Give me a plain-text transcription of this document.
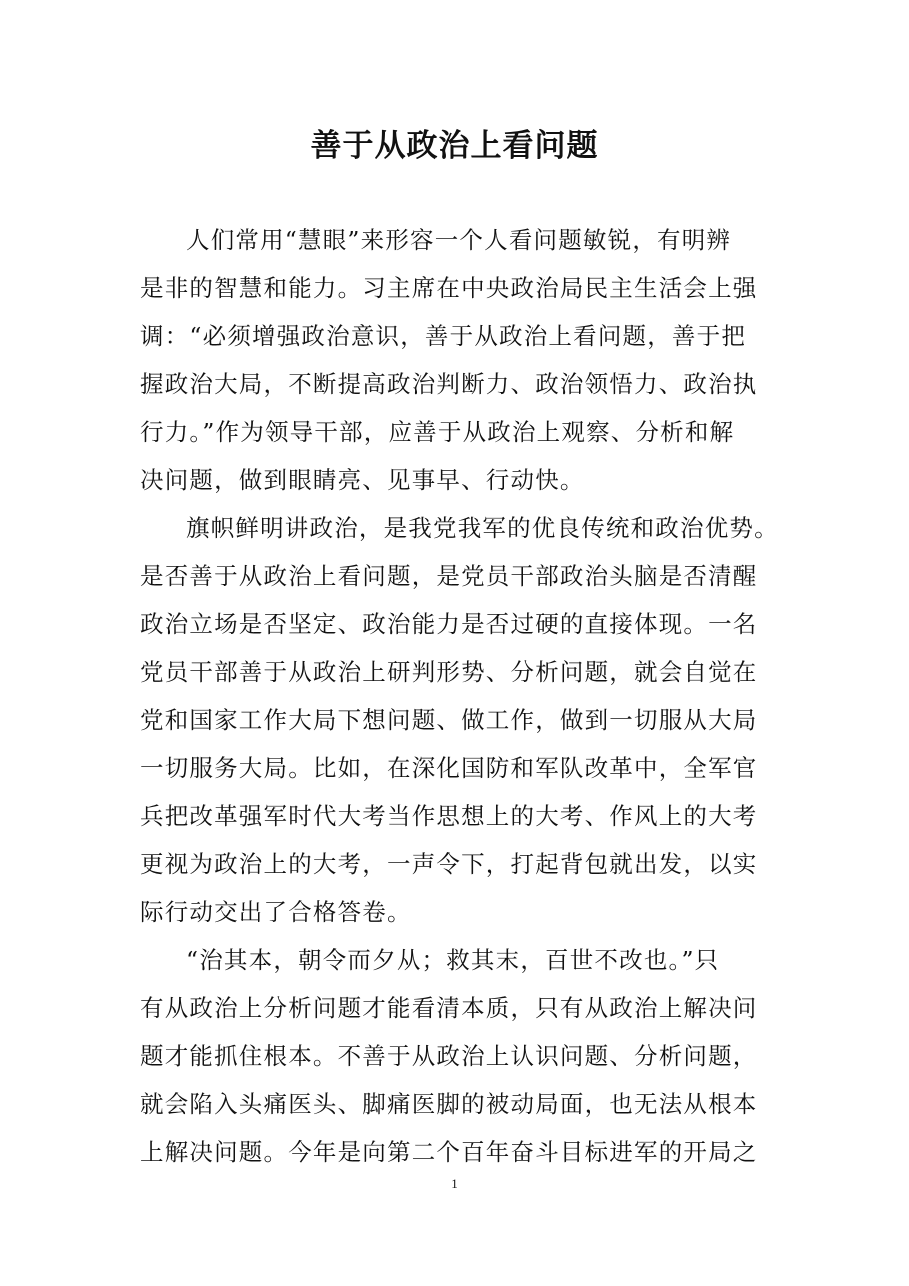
善于从政治上看问题
人们常用“慧眼”来形容一个人看问题敏锐，有明辨
是非的智慧和能力。习主席在中央政治局民主生活会上强
调：“必须增强政治意识，善于从政治上看问题，善于把
握政治大局，不断提高政治判断力、政治领悟力、政治执
行力。”作为领导干部，应善于从政治上观察、分析和解
决问题，做到眼睛亮、见事早、行动快。
旗帜鲜明讲政治，是我党我军的优良传统和政治优势。
是否善于从政治上看问题，是党员干部政治头脑是否清醒
政治立场是否坚定、政治能力是否过硬的直接体现。一名
党员干部善于从政治上研判形势、分析问题，就会自觉在
党和国家工作大局下想问题、做工作，做到一切服从大局
一切服务大局。比如，在深化国防和军队改革中，全军官
兵把改革强军时代大考当作思想上的大考、作风上的大考
更视为政治上的大考，一声令下，打起背包就出发，以实
际行动交出了合格答卷。
“治其本，朝令而夕从；救其末，百世不改也。”只
有从政治上分析问题才能看清本质，只有从政治上解决问
题才能抓住根本。不善于从政治上认识问题、分析问题，
就会陷入头痛医头、脚痛医脚的被动局面，也无法从根本
上解决问题。今年是向第二个百年奋斗目标进军的开局之
1
